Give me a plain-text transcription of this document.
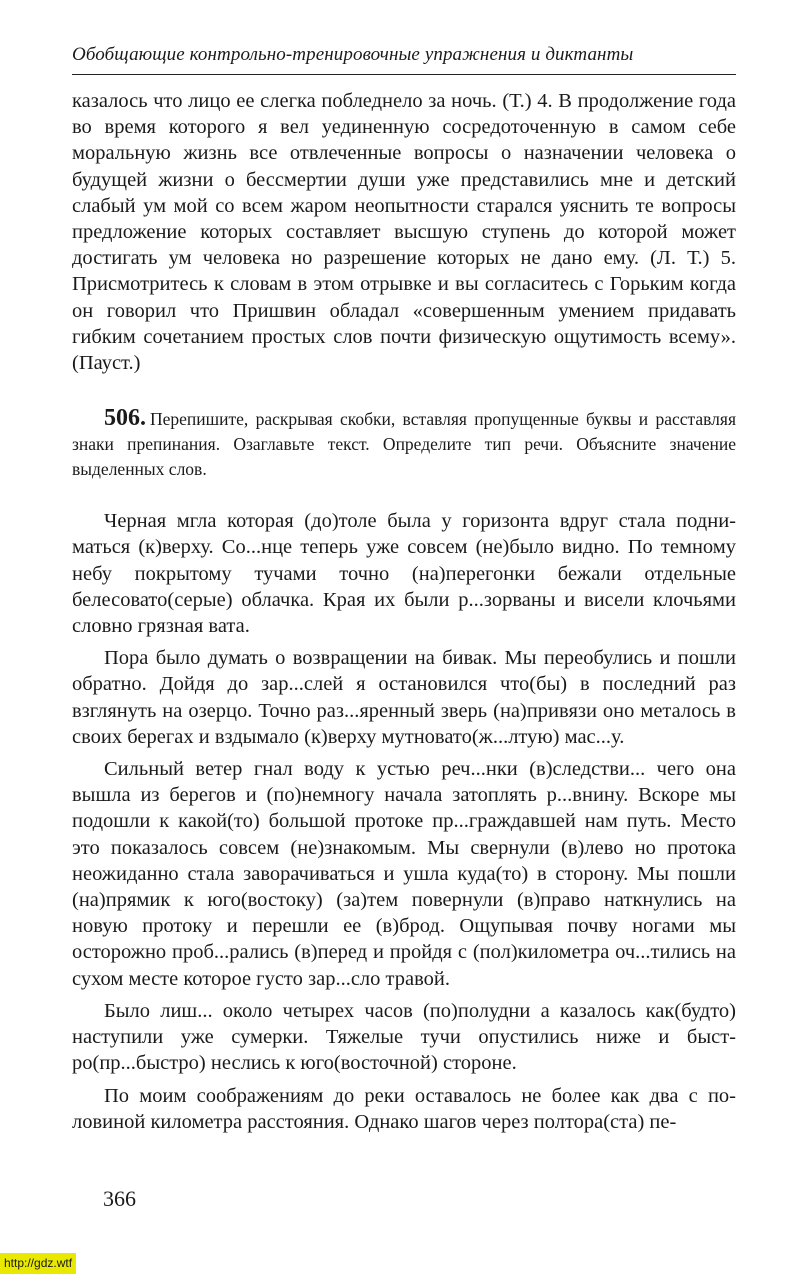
Обобщающие контрольно-тренировочные упражнения и диктанты

казалось что лицо ее слегка побледнело за ночь. (Т.) 4. В продолжение года во время которого я вел уединенную сосредоточенную в самом себе моральную жизнь все отвлеченные вопросы о назначении человека о будущей жизни о бессмертии души уже представились мне и детский слабый ум мой со всем жаром неопытности старался уяснить те вопросы предложение которых составляет высшую ступень до которой может достигать ум человека но разрешение которых не дано ему. (Л. Т.) 5. Присмотритесь к словам в этом отрывке и вы согласитесь с Горьким когда он говорил что Пришвин обладал «совершенным умением придавать гибким сочетанием простых слов почти физическую ощутимость всему». (Пауст.)

506. Перепишите, раскрывая скобки, вставляя пропущенные буквы и расставляя знаки препинания. Озаглавьте текст. Определите тип речи. Объясните значение выделенных слов.

Черная мгла которая (до)толе была у горизонта вдруг стала подниматься (к)верху. Со...нце теперь уже совсем (не)было видно. По темному небу покрытому тучами точно (на)перегонки бежали отдельные белесовато(серые) облачка. Края их были р...зорваны и висели клочьями словно грязная вата.

Пора было думать о возвращении на бивак. Мы переобулись и пошли обратно. Дойдя до зар...слей я остановился что(бы) в последний раз взглянуть на озерцо. Точно раз...яренный зверь (на)привязи оно металось в своих берегах и вздымало (к)верху мутновато(ж...лтую) мас...у.

Сильный ветер гнал воду к устью реч...нки (в)следстви... чего она вышла из берегов и (по)немногу начала затоплять р...внину. Вскоре мы подошли к какой(то) большой протоке пр...граждавшей нам путь. Место это показалось совсем (не)знакомым. Мы свернули (в)лево но протока неожиданно стала заворачиваться и ушла куда(то) в сторону. Мы пошли (на)прямик к юго(востоку) (за)тем повернули (в)право наткнулись на новую протоку и перешли ее (в)брод. Ощупывая почву ногами мы осторожно проб...рались (в)перед и пройдя с (пол)километра оч...тились на сухом месте которое густо зар...сло травой.

Было лиш... около четырех часов (по)полудни а казалось как(будто) наступили уже сумерки. Тяжелые тучи опустились ниже и быстро(пр...быстро) неслись к юго(восточной) стороне.

По моим соображениям до реки оставалось не более как два с половиной километра расстояния. Однако шагов через полтора(ста) пе-

366
http://gdz.wtf
